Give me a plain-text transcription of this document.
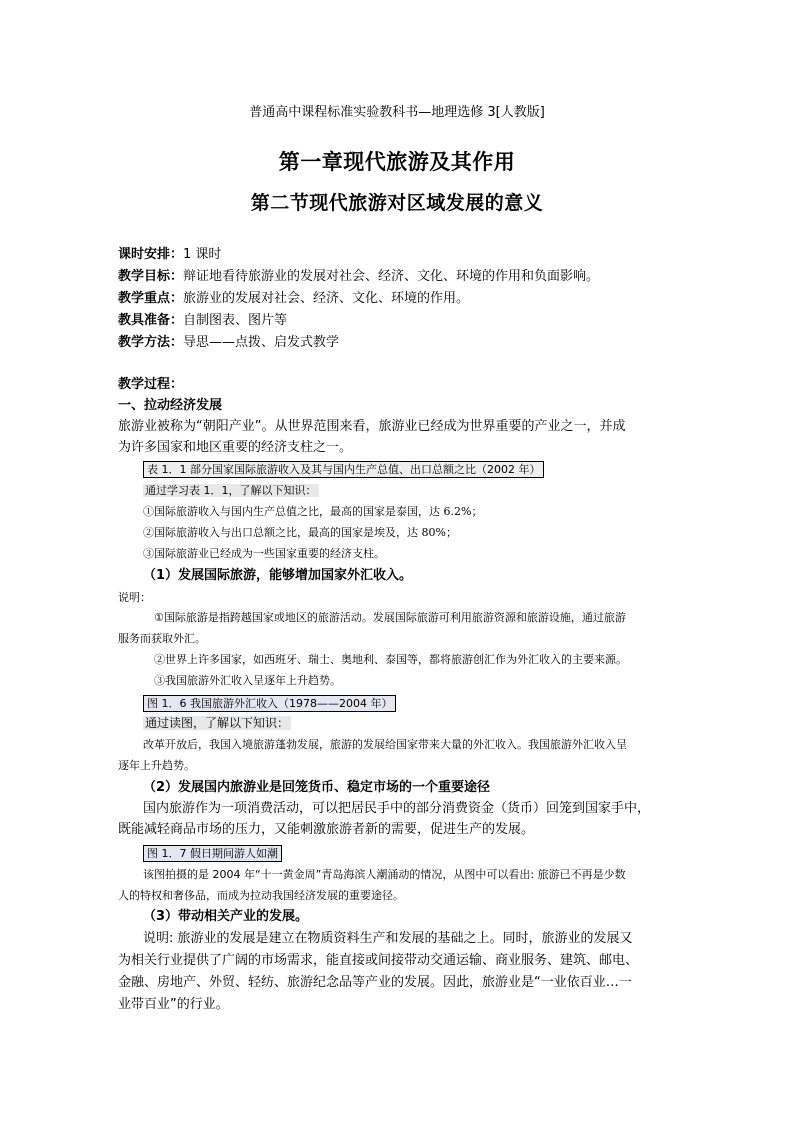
普通高中课程标准实验教科书—地理选修 3[人教版]
第一章现代旅游及其作用
第二节现代旅游对区域发展的意义
课时安排：1 课时
教学目标：辩证地看待旅游业的发展对社会、经济、文化、环境的作用和负面影响。
教学重点：旅游业的发展对社会、经济、文化、环境的作用。
教具准备：自制图表、图片等
教学方法：导思——点拨、启发式教学
教学过程：
一、拉动经济发展
旅游业被称为“朝阳产业”。从世界范围来看，旅游业已经成为世界重要的产业之一，并成
为许多国家和地区重要的经济支柱之一。
表 1．1 部分国家国际旅游收入及其与国内生产总值、出口总额之比（2002 年）
通过学习表 1．1，了解以下知识：
①国际旅游收入与国内生产总值之比，最高的国家是泰国，达 6.2%；
②国际旅游收入与出口总额之比，最高的国家是埃及，达 80%；
③国际旅游业已经成为一些国家重要的经济支柱。
（1）发展国际旅游，能够增加国家外汇收入。
说明：
①国际旅游是指跨越国家或地区的旅游活动。发展国际旅游可利用旅游资源和旅游设施，通过旅游
服务而获取外汇。
②世界上许多国家，如西班牙、瑞士、奥地利、泰国等，都将旅游创汇作为外汇收入的主要来源。
③我国旅游外汇收入呈逐年上升趋势。
图 1．6 我国旅游外汇收入（1978——2004 年）
通过读图，了解以下知识：
改革开放后，我国入境旅游蓬勃发展，旅游的发展给国家带来大量的外汇收入。我国旅游外汇收入呈
逐年上升趋势。
（2）发展国内旅游业是回笼货币、稳定市场的一个重要途径
国内旅游作为一项消费活动，可以把居民手中的部分消费资金（货币）回笼到国家手中，
既能减轻商品市场的压力，又能刺激旅游者新的需要，促进生产的发展。
图 1．7 假日期间游人如潮
该图拍摄的是 2004 年“十一黄金周”青岛海滨人潮涌动的情况，从图中可以看出: 旅游已不再是少数
人的特权和奢侈品，而成为拉动我国经济发展的重要途径。
（3）带动相关产业的发展。
说明: 旅游业的发展是建立在物质资料生产和发展的基础之上。同时，旅游业的发展又
为相关行业提供了广阔的市场需求，能直接或间接带动交通运输、商业服务、建筑、邮电、
金融、房地产、外贸、轻纺、旅游纪念品等产业的发展。因此，旅游业是“一业依百业…一
业带百业”的行业。
